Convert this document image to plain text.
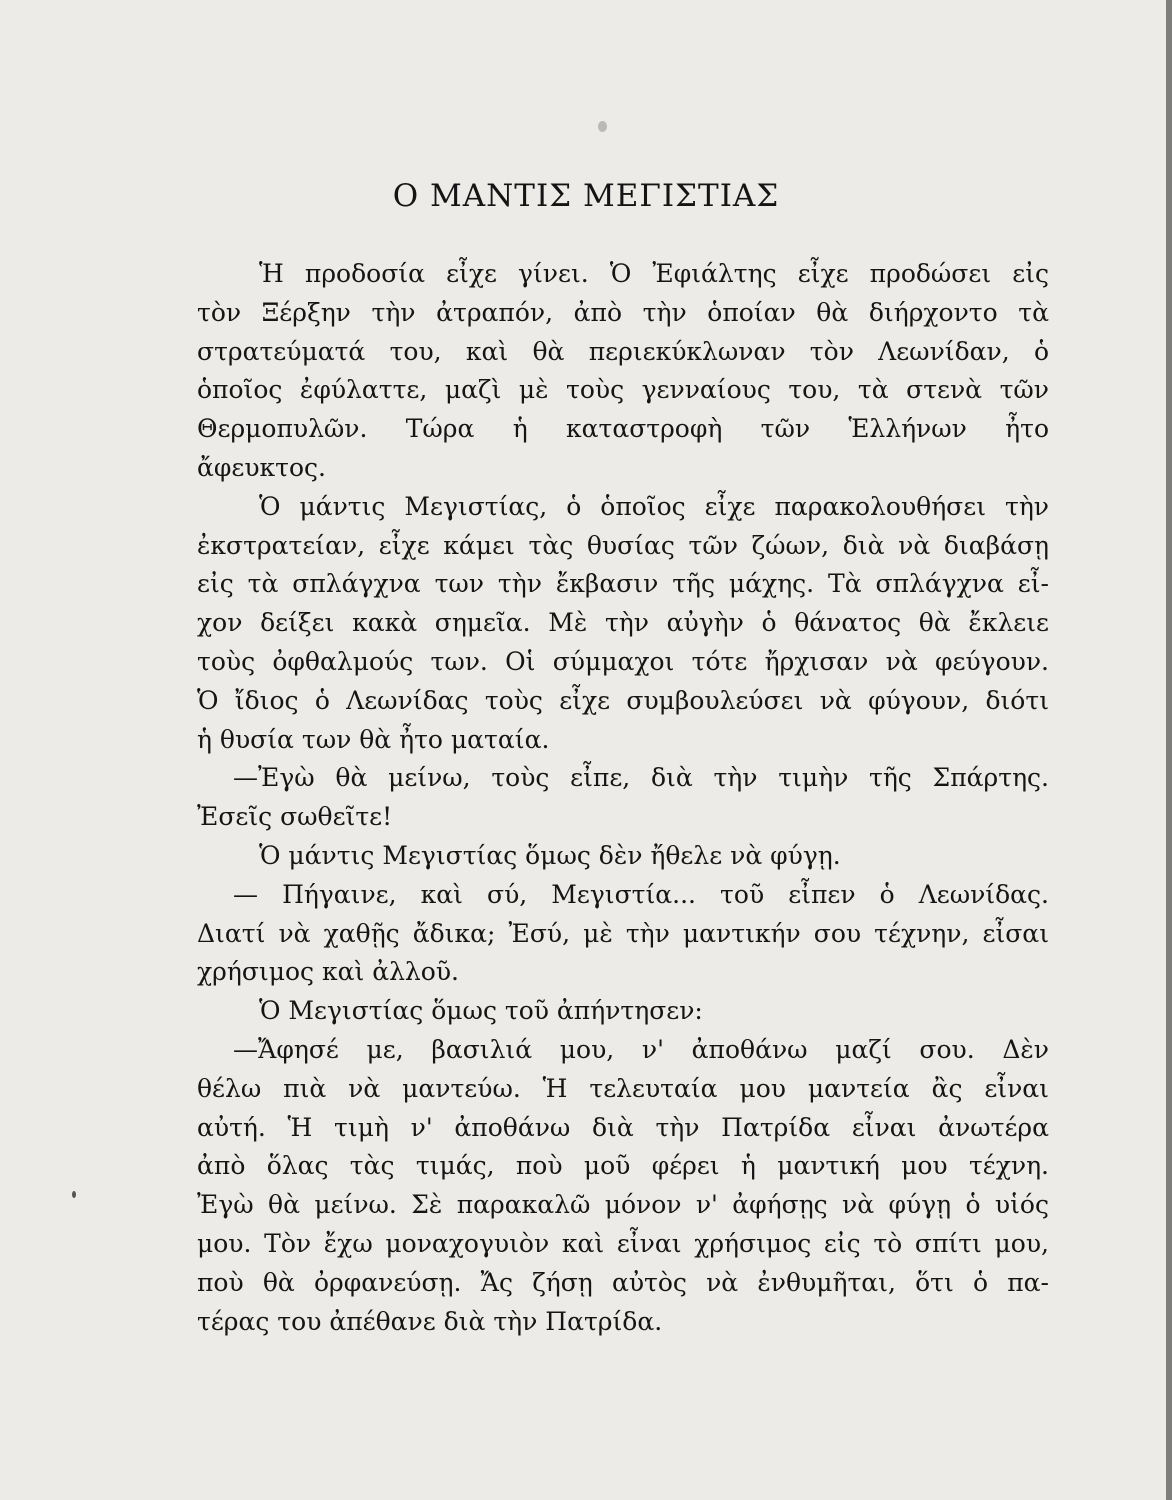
Ο ΜΑΝΤΙΣ ΜΕΓΙΣΤΙΑΣ
Ἡ προδοσία εἶχε γίνει. Ὁ Ἐφιάλτης εἶχε προδώσει εἰς
τὸν Ξέρξην τὴν ἀτραπόν, ἀπὸ τὴν ὁποίαν θὰ διήρχοντο τὰ
στρατεύματά του, καὶ θὰ περιεκύκλωναν τὸν Λεωνίδαν, ὁ
ὁποῖος ἐφύλαττε, μαζὶ μὲ τοὺς γενναίους του, τὰ στενὰ τῶν
Θερμοπυλῶν. Τώρα ἡ καταστροφὴ τῶν Ἑλλήνων ἦτο
ἄφευκτος.
Ὁ μάντις Μεγιστίας, ὁ ὁποῖος εἶχε παρακολουθήσει τὴν
ἐκστρατείαν, εἶχε κάμει τὰς θυσίας τῶν ζώων, διὰ νὰ διαβάσῃ
εἰς τὰ σπλάγχνα των τὴν ἔκβασιν τῆς μάχης. Τὰ σπλάγχνα εἶ-
χον δείξει κακὰ σημεῖα. Μὲ τὴν αὐγὴν ὁ θάνατος θὰ ἔκλειε
τοὺς ὀφθαλμούς των. Οἱ σύμμαχοι τότε ἤρχισαν νὰ φεύγουν.
Ὁ ἴδιος ὁ Λεωνίδας τοὺς εἶχε συμβουλεύσει νὰ φύγουν, διότι
ἡ θυσία των θὰ ἦτο ματαία.
—Ἐγὼ θὰ μείνω, τοὺς εἶπε, διὰ τὴν τιμὴν τῆς Σπάρτης.
Ἐσεῖς σωθεῖτε!
Ὁ μάντις Μεγιστίας ὅμως δὲν ἤθελε νὰ φύγῃ.
— Πήγαινε, καὶ σύ, Μεγιστία... τοῦ εἶπεν ὁ Λεωνίδας.
Διατί νὰ χαθῇς ἄδικα; Ἐσύ, μὲ τὴν μαντικήν σου τέχνην, εἶσαι
χρήσιμος καὶ ἀλλοῦ.
Ὁ Μεγιστίας ὅμως τοῦ ἀπήντησεν:
—Ἄφησέ με, βασιλιά μου, ν' ἀποθάνω μαζί σου. Δὲν
θέλω πιὰ νὰ μαντεύω. Ἡ τελευταία μου μαντεία ἂς εἶναι
αὐτή. Ἡ τιμὴ ν' ἀποθάνω διὰ τὴν Πατρίδα εἶναι ἀνωτέρα
ἀπὸ ὅλας τὰς τιμάς, ποὺ μοῦ φέρει ἡ μαντική μου τέχνη.
Ἐγὼ θὰ μείνω. Σὲ παρακαλῶ μόνον ν' ἀφήσῃς νὰ φύγῃ ὁ υἱός
μου. Τὸν ἔχω μοναχογυιὸν καὶ εἶναι χρήσιμος εἰς τὸ σπίτι μου,
ποὺ θὰ ὀρφανεύσῃ. Ἄς ζήσῃ αὐτὸς νὰ ἐνθυμῆται, ὅτι ὁ πα-
τέρας του ἀπέθανε διὰ τὴν Πατρίδα.
